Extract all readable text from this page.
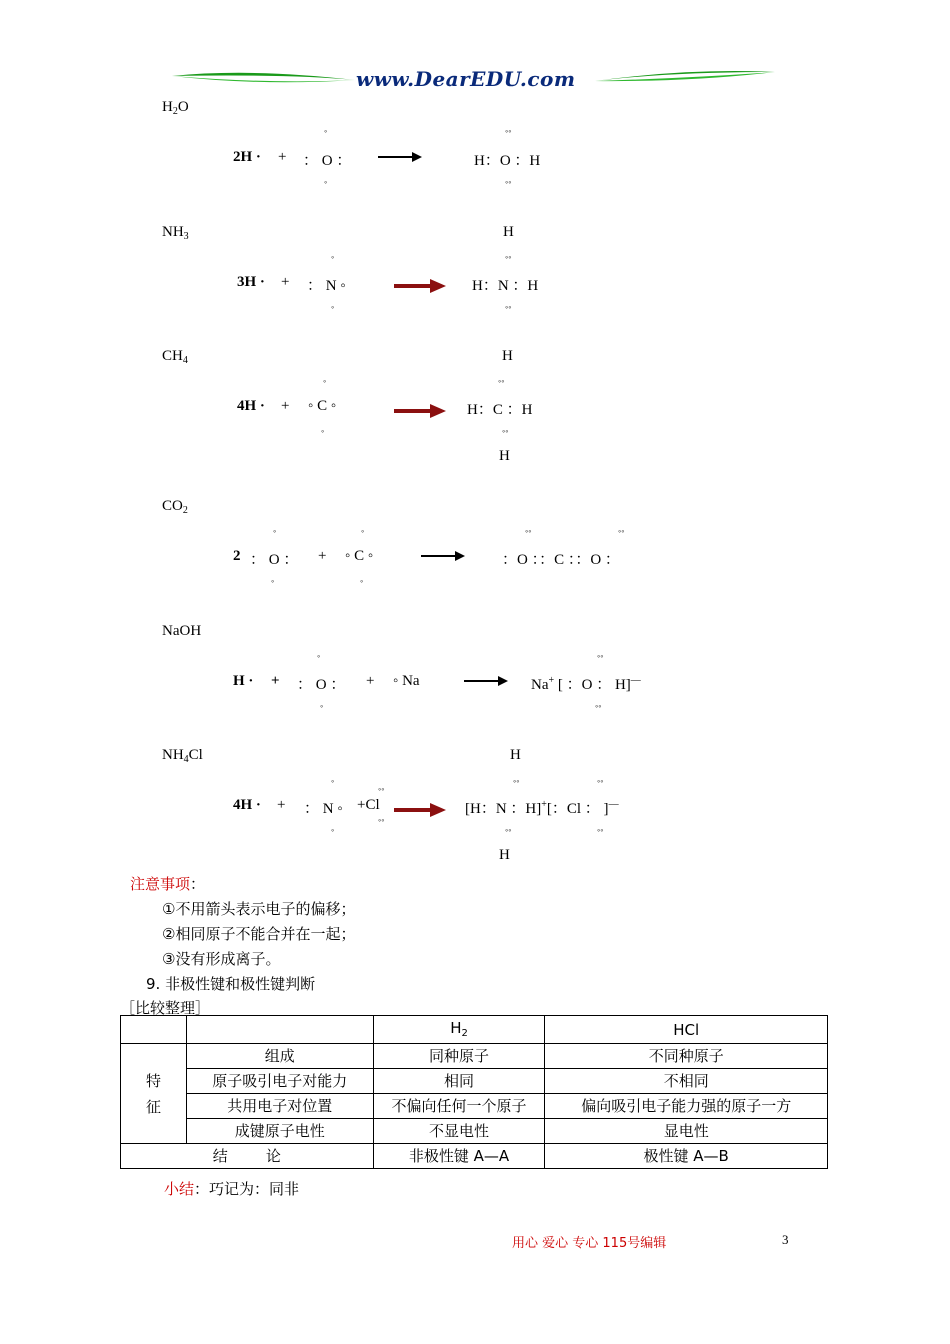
www.DearEDU.com
$H_2O$
2H · +
◦
： O ：
◦
◦◦
H：O ：H
◦◦
$NH_3$	H
◦
3H · + ： N ◦
◦
◦◦
H：N ：H
◦◦
$CH_4$	H
◦
4H · + ◦ C ◦
◦
◦◦
H：C ：H
◦◦
H
$CO_2$
◦	◦
2 ： O ： + ◦ C ◦
◦	◦
◦◦	◦◦
：O ：：C ：：O ：
NaOH
◦
H · + ： O ： + ◦ Na
◦
◦◦
Na+ [ ：O ： H]—
◦◦
$NH_4Cl$	H
◦
◦◦
◦◦	◦◦
4H · + ： N ◦ +Cl	[H：N ：H]+[：Cl ： ]—
◦
◦◦
◦◦	◦◦
H
注意事项：
①不用箭头表示电子的偏移；
②相同原子不能合并在一起；
③没有形成离子。
9. 非极性键和极性键判断
［比较整理］
		$H_2$	HCl
特
征	组成	同种原子	不同种原子
	原子吸引电子对能力	相同	不相同
	共用电子对位置	不偏向任何一个原子	偏向吸引电子能力强的原子一方
	成键原子电性	不显电性	显电性
结        论		非极性键 A—A	极性键 A—B
小结：巧记为：同非
用心 爱心 专心 115号编辑	3
